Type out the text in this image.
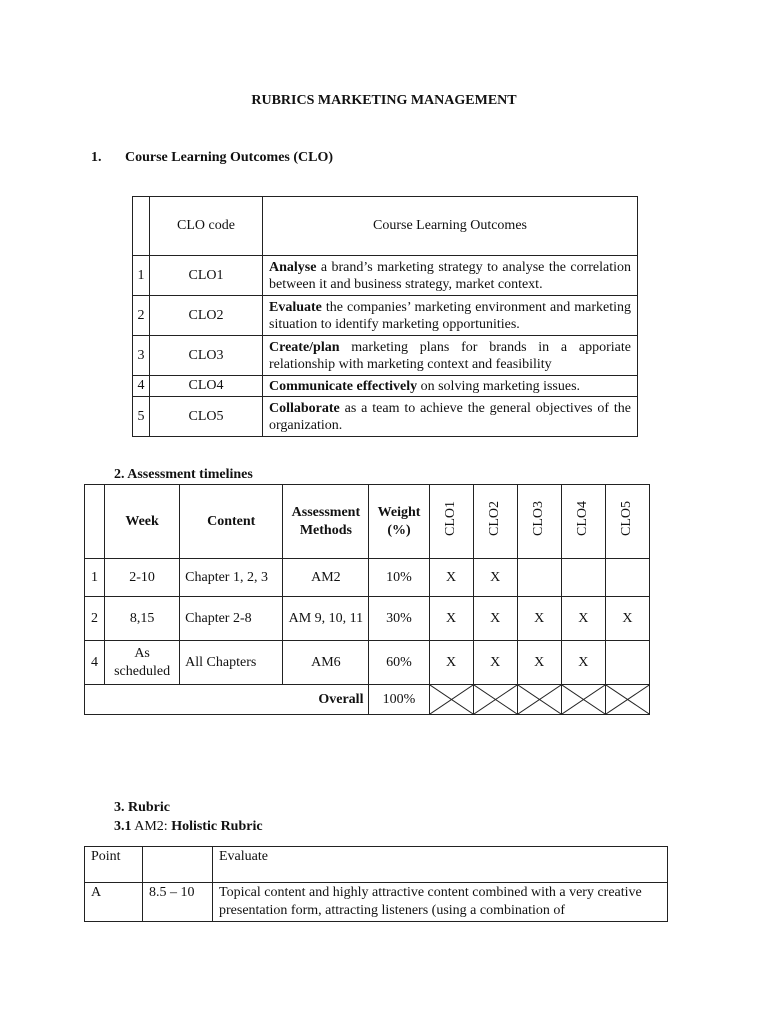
RUBRICS MARKETING MANAGEMENT
1. Course Learning Outcomes (CLO)
	CLO code	Course Learning Outcomes
1	CLO1	Analyse a brand’s marketing strategy to analyse the correlation between it and business strategy, market context.
2	CLO2	Evaluate the companies’ marketing environment and marketing situation to identify marketing opportunities.
3	CLO3	Create/plan marketing plans for brands in a apporiate relationship with marketing context and feasibility
4	CLO4	Communicate effectively on solving marketing issues.
5	CLO5	Collaborate as a team to achieve the general objectives of the organization.
2. Assessment timelines
	Week	Content	Assessment Methods	Weight (%)	CLO1	CLO2	CLO3	CLO4	CLO5
1	2-10	Chapter 1, 2, 3	AM2	10%	X	X			
2	8,15	Chapter 2-8	AM 9, 10, 11	30%	X	X	X	X	X
4	As scheduled	All Chapters	AM6	60%	X	X	X	X	
Overall				100%	

3. Rubric
3.1 AM2: Holistic Rubric
Point		Evaluate
A	8.5 – 10	Topical content and highly attractive content combined with a very creative presentation form, attracting listeners (using a combination of
